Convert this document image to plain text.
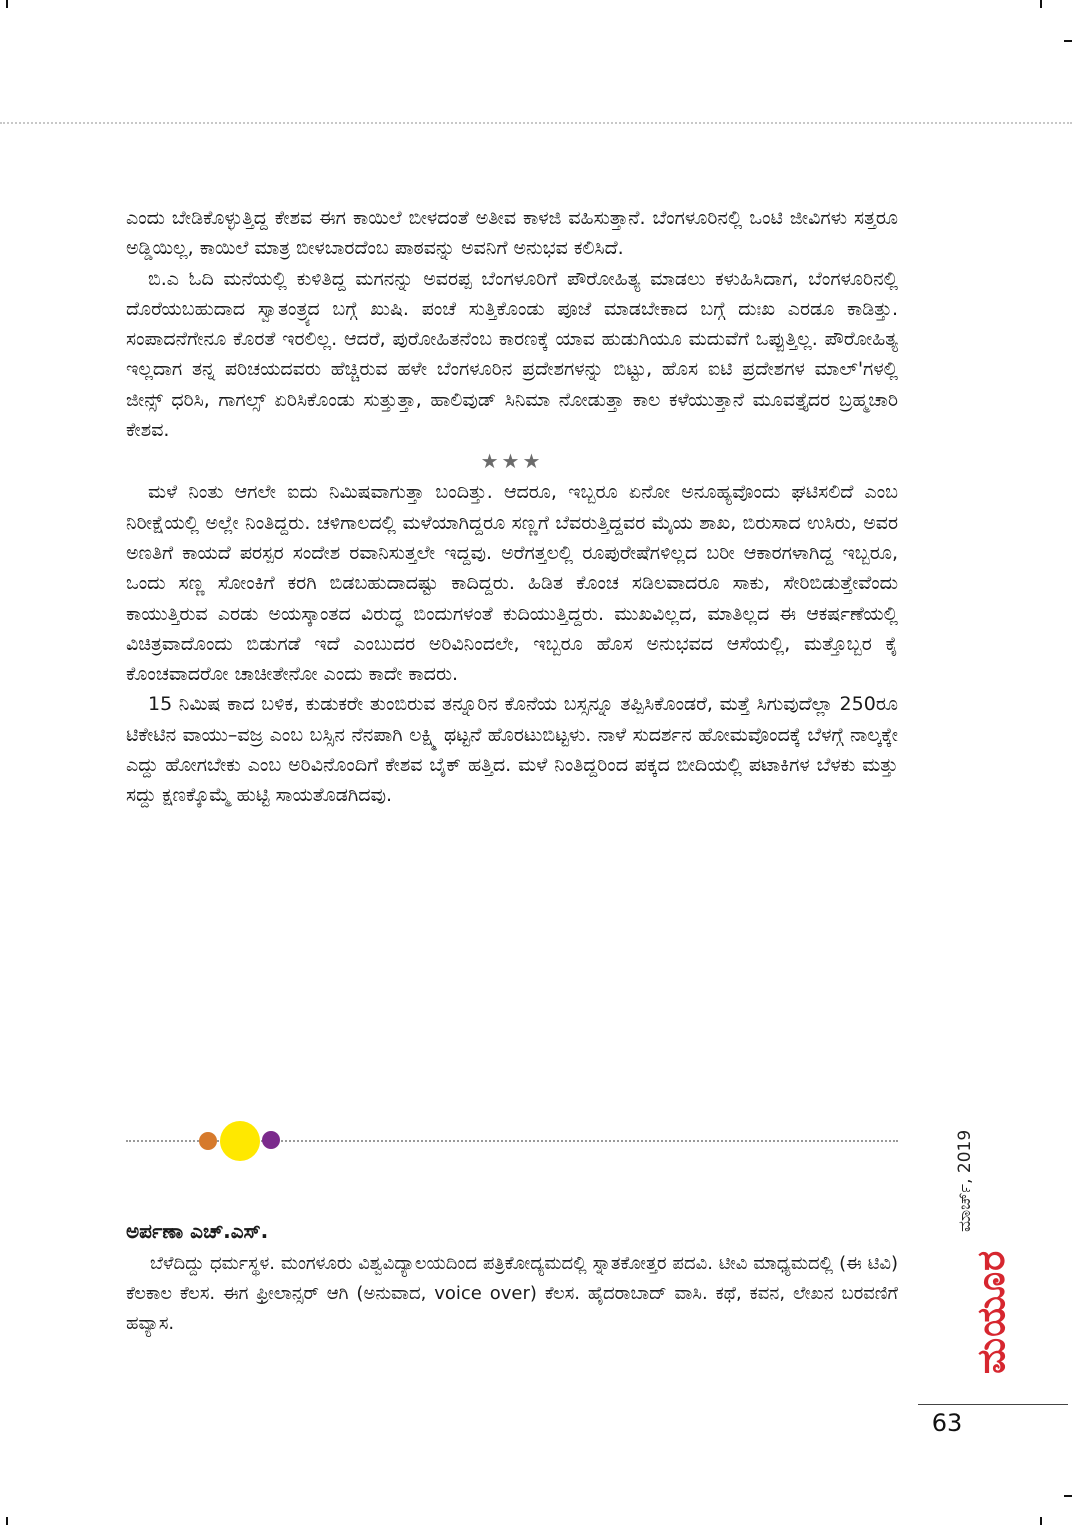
ಎಂದು ಬೇಡಿಕೊಳ್ಳುತ್ತಿದ್ದ ಕೇಶವ ಈಗ ಕಾಯಿಲೆ ಬೀಳದಂತೆ ಅತೀವ ಕಾಳಜಿ ವಹಿಸುತ್ತಾನೆ. ಬೆಂಗಳೂರಿನಲ್ಲಿ ಒಂಟಿ ಜೀವಿಗಳು ಸತ್ತರೂ ಅಡ್ಡಿಯಿಲ್ಲ, ಕಾಯಿಲೆ ಮಾತ್ರ ಬೀಳಬಾರದೆಂಬ ಪಾಠವನ್ನು ಅವನಿಗೆ ಅನುಭವ ಕಲಿಸಿದೆ.

ಬಿ.ಎ ಓದಿ ಮನೆಯಲ್ಲಿ ಕುಳಿತಿದ್ದ ಮಗನನ್ನು ಅವರಪ್ಪ ಬೆಂಗಳೂರಿಗೆ ಪೌರೋಹಿತ್ಯ ಮಾಡಲು ಕಳುಹಿಸಿದಾಗ, ಬೆಂಗಳೂರಿನಲ್ಲಿ ದೊರೆಯಬಹುದಾದ ಸ್ವಾತಂತ್ರ್ಯದ ಬಗ್ಗೆ ಖುಷಿ. ಪಂಚೆ ಸುತ್ತಿಕೊಂಡು ಪೂಜೆ ಮಾಡಬೇಕಾದ ಬಗ್ಗೆ ದುಃಖ ಎರಡೂ ಕಾಡಿತ್ತು. ಸಂಪಾದನೆಗೇನೂ ಕೊರತೆ ಇರಲಿಲ್ಲ. ಆದರೆ, ಪುರೋಹಿತನೆಂಬ ಕಾರಣಕ್ಕೆ ಯಾವ ಹುಡುಗಿಯೂ ಮದುವೆಗೆ ಒಪ್ಪುತ್ತಿಲ್ಲ. ಪೌರೋಹಿತ್ಯ ಇಲ್ಲದಾಗ ತನ್ನ ಪರಿಚಯದವರು ಹೆಚ್ಚಿರುವ ಹಳೇ ಬೆಂಗಳೂರಿನ ಪ್ರದೇಶಗಳನ್ನು ಬಿಟ್ಟು, ಹೊಸ ಐಟಿ ಪ್ರದೇಶಗಳ ಮಾಲ್'ಗಳಲ್ಲಿ ಜೀನ್ಸ್ ಧರಿಸಿ, ಗಾಗಲ್ಸ್ ಏರಿಸಿಕೊಂಡು ಸುತ್ತುತ್ತಾ, ಹಾಲಿವುಡ್ ಸಿನಿಮಾ ನೋಡುತ್ತಾ ಕಾಲ ಕಳೆಯುತ್ತಾನೆ ಮೂವತ್ತೈದರ ಬ್ರಹ್ಮಚಾರಿ ಕೇಶವ.

★★★

ಮಳೆ ನಿಂತು ಆಗಲೇ ಐದು ನಿಮಿಷವಾಗುತ್ತಾ ಬಂದಿತ್ತು. ಆದರೂ, ಇಬ್ಬರೂ ಏನೋ ಅನೂಹ್ಯವೊಂದು ಘಟಿಸಲಿದೆ ಎಂಬ ನಿರೀಕ್ಷೆಯಲ್ಲಿ ಅಲ್ಲೇ ನಿಂತಿದ್ದರು. ಚಳಿಗಾಲದಲ್ಲಿ ಮಳೆಯಾಗಿದ್ದರೂ ಸಣ್ಣಗೆ ಬೆವರುತ್ತಿದ್ದವರ ಮೈಯ ಶಾಖ, ಬಿರುಸಾದ ಉಸಿರು, ಅವರ ಅಣತಿಗೆ ಕಾಯದೆ ಪರಸ್ಪರ ಸಂದೇಶ ರವಾನಿಸುತ್ತಲೇ ಇದ್ದವು. ಅರೆಗತ್ತಲಲ್ಲಿ ರೂಪುರೇಷೆಗಳಿಲ್ಲದ ಬರೀ ಆಕಾರಗಳಾಗಿದ್ದ ಇಬ್ಬರೂ, ಒಂದು ಸಣ್ಣ ಸೋಂಕಿಗೆ ಕರಗಿ ಬಿಡಬಹುದಾದಷ್ಟು ಕಾದಿದ್ದರು. ಹಿಡಿತ ಕೊಂಚ ಸಡಿಲವಾದರೂ ಸಾಕು, ಸೇರಿಬಿಡುತ್ತೇವೆಂದು ಕಾಯುತ್ತಿರುವ ಎರಡು ಅಯಸ್ಕಾಂತದ ವಿರುದ್ಧ ಬಿಂದುಗಳಂತೆ ಕುದಿಯುತ್ತಿದ್ದರು. ಮುಖವಿಲ್ಲದ, ಮಾತಿಲ್ಲದ ಈ ಆಕರ್ಷಣೆಯಲ್ಲಿ ವಿಚಿತ್ರವಾದೊಂದು ಬಿಡುಗಡೆ ಇದೆ ಎಂಬುದರ ಅರಿವಿನಿಂದಲೇ, ಇಬ್ಬರೂ ಹೊಸ ಅನುಭವದ ಆಸೆಯಲ್ಲಿ, ಮತ್ತೊಬ್ಬರ ಕೈ ಕೊಂಚವಾದರೋ ಚಾಚೀತೇನೋ ಎಂದು ಕಾದೇ ಕಾದರು.

15 ನಿಮಿಷ ಕಾದ ಬಳಿಕ, ಕುಡುಕರೇ ತುಂಬಿರುವ ತನ್ನೂರಿನ ಕೊನೆಯ ಬಸ್ಸನ್ನೂ ತಪ್ಪಿಸಿಕೊಂಡರೆ, ಮತ್ತೆ ಸಿಗುವುದೆಲ್ಲಾ 250ರೂ ಟಿಕೇಟಿನ ವಾಯು–ವಜ್ರ ಎಂಬ ಬಸ್ಸಿನ ನೆನಪಾಗಿ ಲಕ್ಷ್ಮಿ ಥಟ್ಟನೆ ಹೊರಟುಬಿಟ್ಟಳು. ನಾಳೆ ಸುದರ್ಶನ ಹೋಮವೊಂದಕ್ಕೆ ಬೆಳಗ್ಗೆ ನಾಲ್ಕಕ್ಕೇ ಎದ್ದು ಹೋಗಬೇಕು ಎಂಬ ಅರಿವಿನೊಂದಿಗೆ ಕೇಶವ ಬೈಕ್ ಹತ್ತಿದ. ಮಳೆ ನಿಂತಿದ್ದರಿಂದ ಪಕ್ಕದ ಬೀದಿಯಲ್ಲಿ ಪಟಾಕಿಗಳ ಬೆಳಕು ಮತ್ತು ಸದ್ದು ಕ್ಷಣಕ್ಕೊಮ್ಮೆ ಹುಟ್ಟಿ ಸಾಯತೊಡಗಿದವು.

ಅರ್ಪಣಾ ಎಚ್.ಎಸ್.

ಬೆಳೆದಿದ್ದು ಧರ್ಮಸ್ಥಳ. ಮಂಗಳೂರು ವಿಶ್ವವಿದ್ಯಾಲಯದಿಂದ ಪತ್ರಿಕೋದ್ಯಮದಲ್ಲಿ ಸ್ನಾತಕೋತ್ತರ ಪದವಿ. ಟೀವಿ ಮಾಧ್ಯಮದಲ್ಲಿ (ಈ ಟಿವಿ) ಕೆಲಕಾಲ ಕೆಲಸ. ಈಗ ಫ್ರೀಲಾನ್ಸರ್ ಆಗಿ (ಅನುವಾದ, voice over) ಕೆಲಸ. ಹೈದರಾಬಾದ್ ವಾಸಿ. ಕಥೆ, ಕವನ, ಲೇಖನ ಬರವಣಿಗೆ ಹವ್ಯಾಸ.

ಮಾರ್ಚ್, 2019
ಮಯೂರ
63
